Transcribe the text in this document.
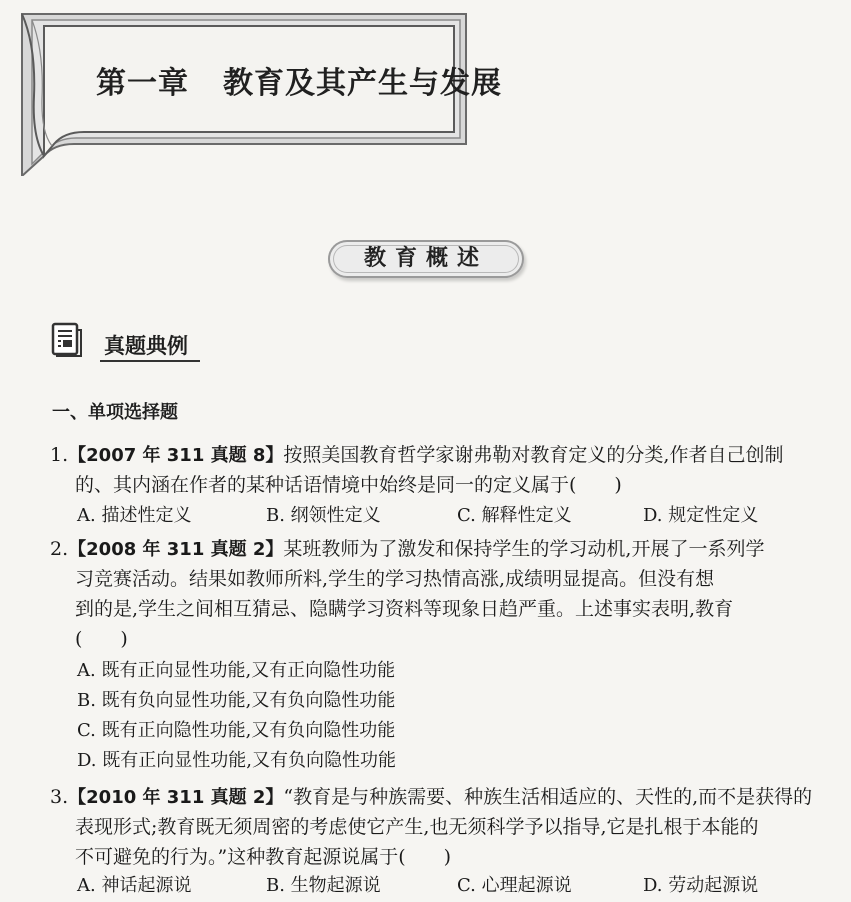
第一章 教育及其产生与发展
教育概述
真题典例
一、单项选择题
1.【2007 年 311 真题 8】按照美国教育哲学家谢弗勒对教育定义的分类,作者自己创制
的、其内涵在作者的某种话语情境中始终是同一的定义属于(　　)
A. 描述性定义	B. 纲领性定义	C. 解释性定义	D. 规定性定义
2.【2008 年 311 真题 2】某班教师为了激发和保持学生的学习动机,开展了一系列学
习竞赛活动。结果如教师所料,学生的学习热情高涨,成绩明显提高。但没有想
到的是,学生之间相互猜忌、隐瞒学习资料等现象日趋严重。上述事实表明,教育
(　　)
A. 既有正向显性功能,又有正向隐性功能
B. 既有负向显性功能,又有负向隐性功能
C. 既有正向隐性功能,又有负向隐性功能
D. 既有正向显性功能,又有负向隐性功能
3.【2010 年 311 真题 2】“教育是与种族需要、种族生活相适应的、天性的,而不是获得的
表现形式;教育既无须周密的考虑使它产生,也无须科学予以指导,它是扎根于本能的
不可避免的行为。”这种教育起源说属于(　　)
A. 神话起源说	B. 生物起源说	C. 心理起源说	D. 劳动起源说
